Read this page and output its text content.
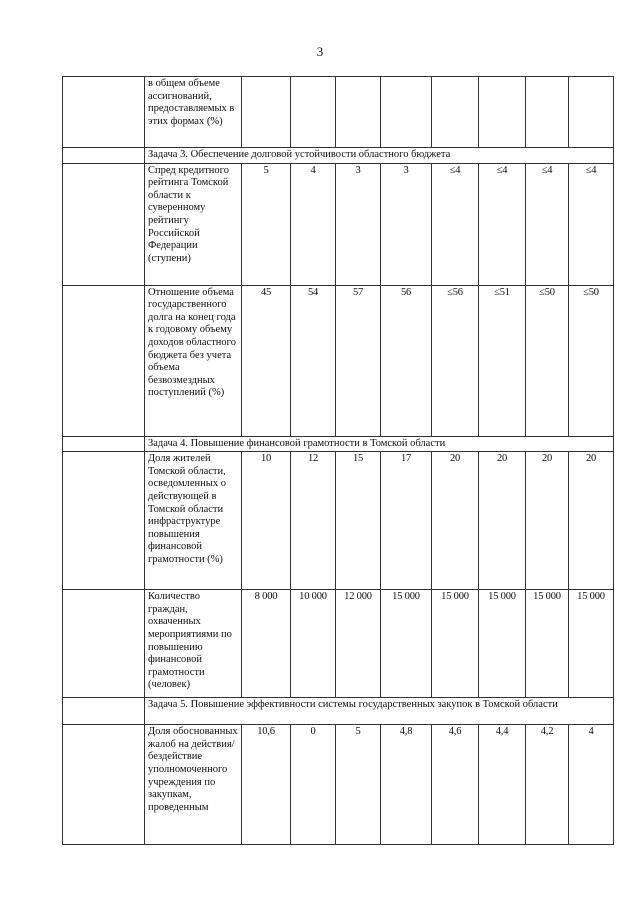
3
	в общем объеме ассигнований, предоставляемых в этих формах (%)								
	Задача 3. Обеспечение долговой устойчивости областного бюджета								
	Спред кредитного рейтинга Томской области к суверенному рейтингу Российской Федерации (ступени)	5	4	3	3	≤4	≤4	≤4	≤4
	Отношение объема государственного долга на конец года к годовому объему доходов областного бюджета без учета объема безвозмездных поступлений (%)	45	54	57	56	≤56	≤51	≤50	≤50
	Задача 4. Повышение финансовой грамотности в Томской области								
	Доля жителей Томской области, осведомленных о действующей в Томской области инфраструктуре повышения финансовой грамотности (%)	10	12	15	17	20	20	20	20
	Количество граждан, охваченных мероприятиями по повышению финансовой грамотности (человек)	8 000	10 000	12 000	15 000	15 000	15 000	15 000	15 000
	Задача 5. Повышение эффективности системы государственных закупок в Томской области								
	Доля обоснованных жалоб на действия/ бездействие уполномоченного учреждения по закупкам, проведенным	10,6	0	5	4,8	4,6	4,4	4,2	4
